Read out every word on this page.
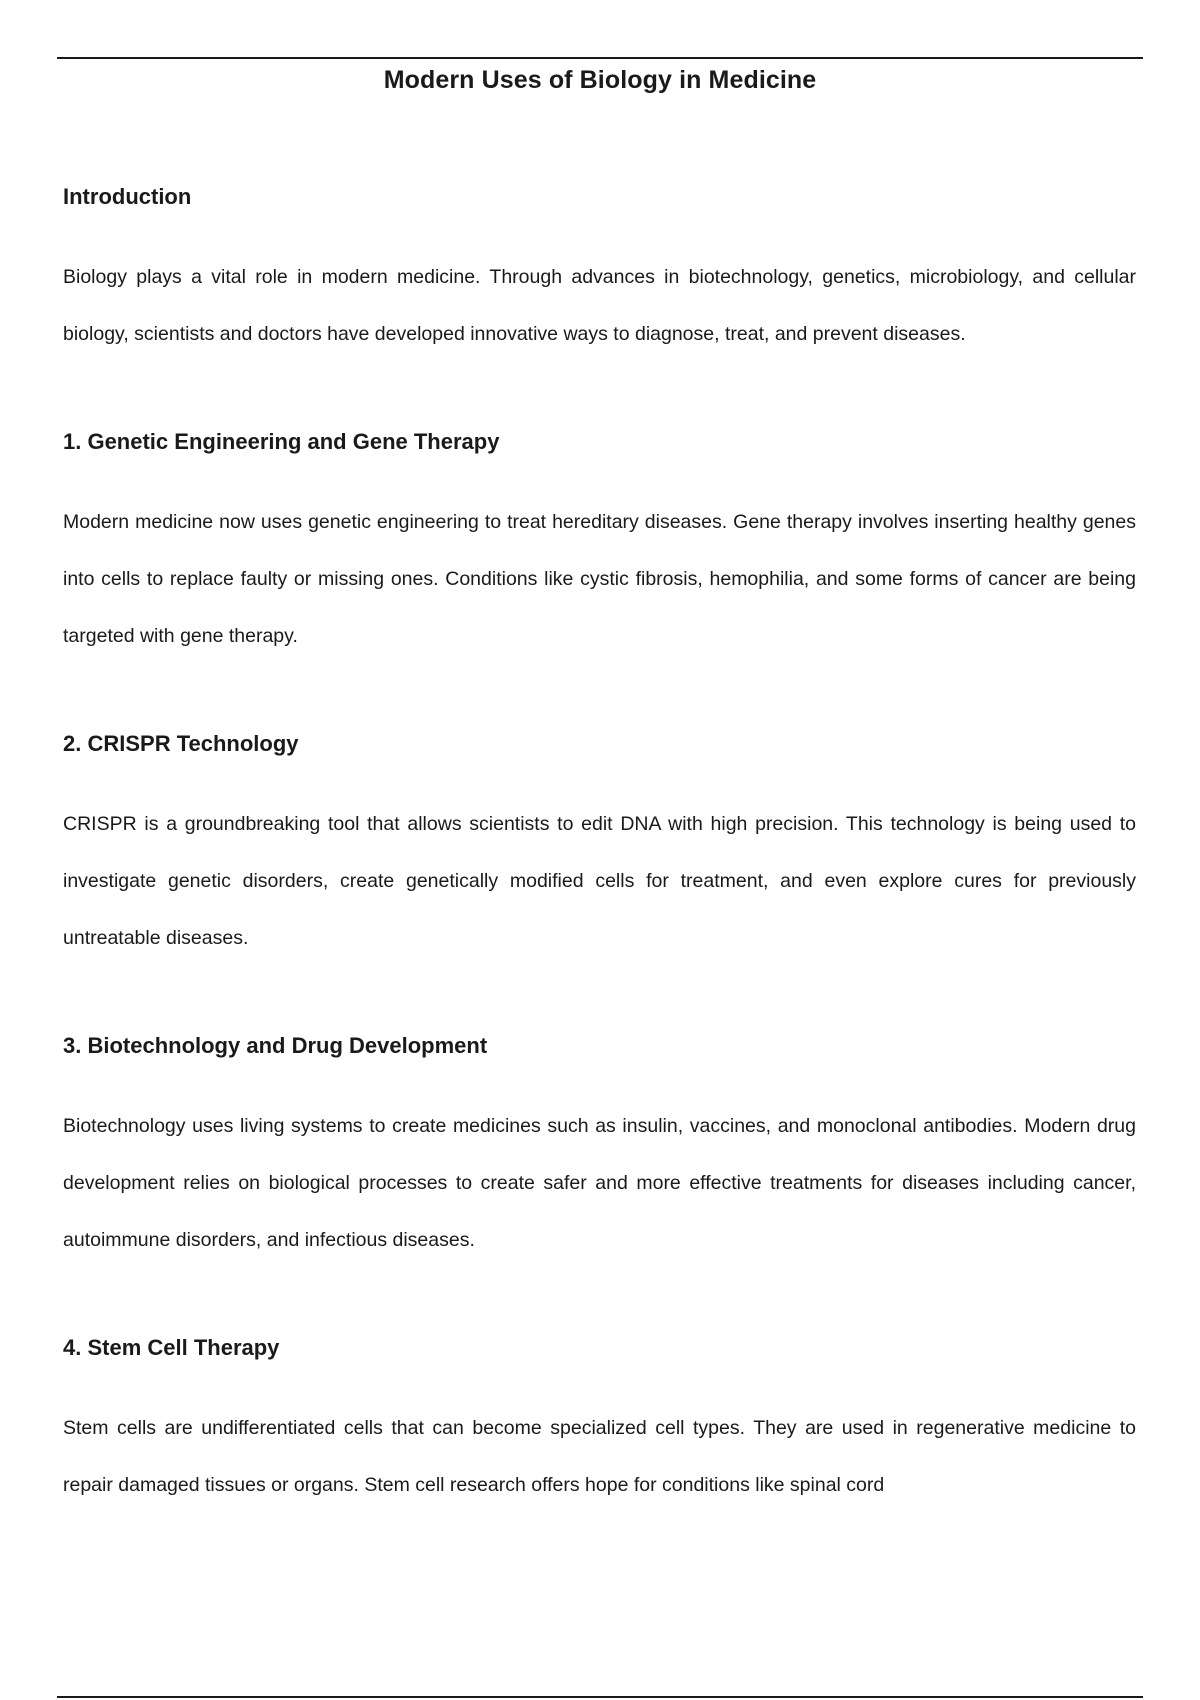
Modern Uses of Biology in Medicine
Introduction

Biology plays a vital role in modern medicine. Through advances in biotechnology, genetics, microbiology, and cellular biology, scientists and doctors have developed innovative ways to diagnose, treat, and prevent diseases.

1. Genetic Engineering and Gene Therapy

Modern medicine now uses genetic engineering to treat hereditary diseases. Gene therapy involves inserting healthy genes into cells to replace faulty or missing ones. Conditions like cystic fibrosis, hemophilia, and some forms of cancer are being targeted with gene therapy.

2. CRISPR Technology

CRISPR is a groundbreaking tool that allows scientists to edit DNA with high precision. This technology is being used to investigate genetic disorders, create genetically modified cells for treatment, and even explore cures for previously untreatable diseases.

3. Biotechnology and Drug Development

Biotechnology uses living systems to create medicines such as insulin, vaccines, and monoclonal antibodies. Modern drug development relies on biological processes to create safer and more effective treatments for diseases including cancer, autoimmune disorders, and infectious diseases.

4. Stem Cell Therapy

Stem cells are undifferentiated cells that can become specialized cell types. They are used in regenerative medicine to repair damaged tissues or organs. Stem cell research offers hope for conditions like spinal cord
